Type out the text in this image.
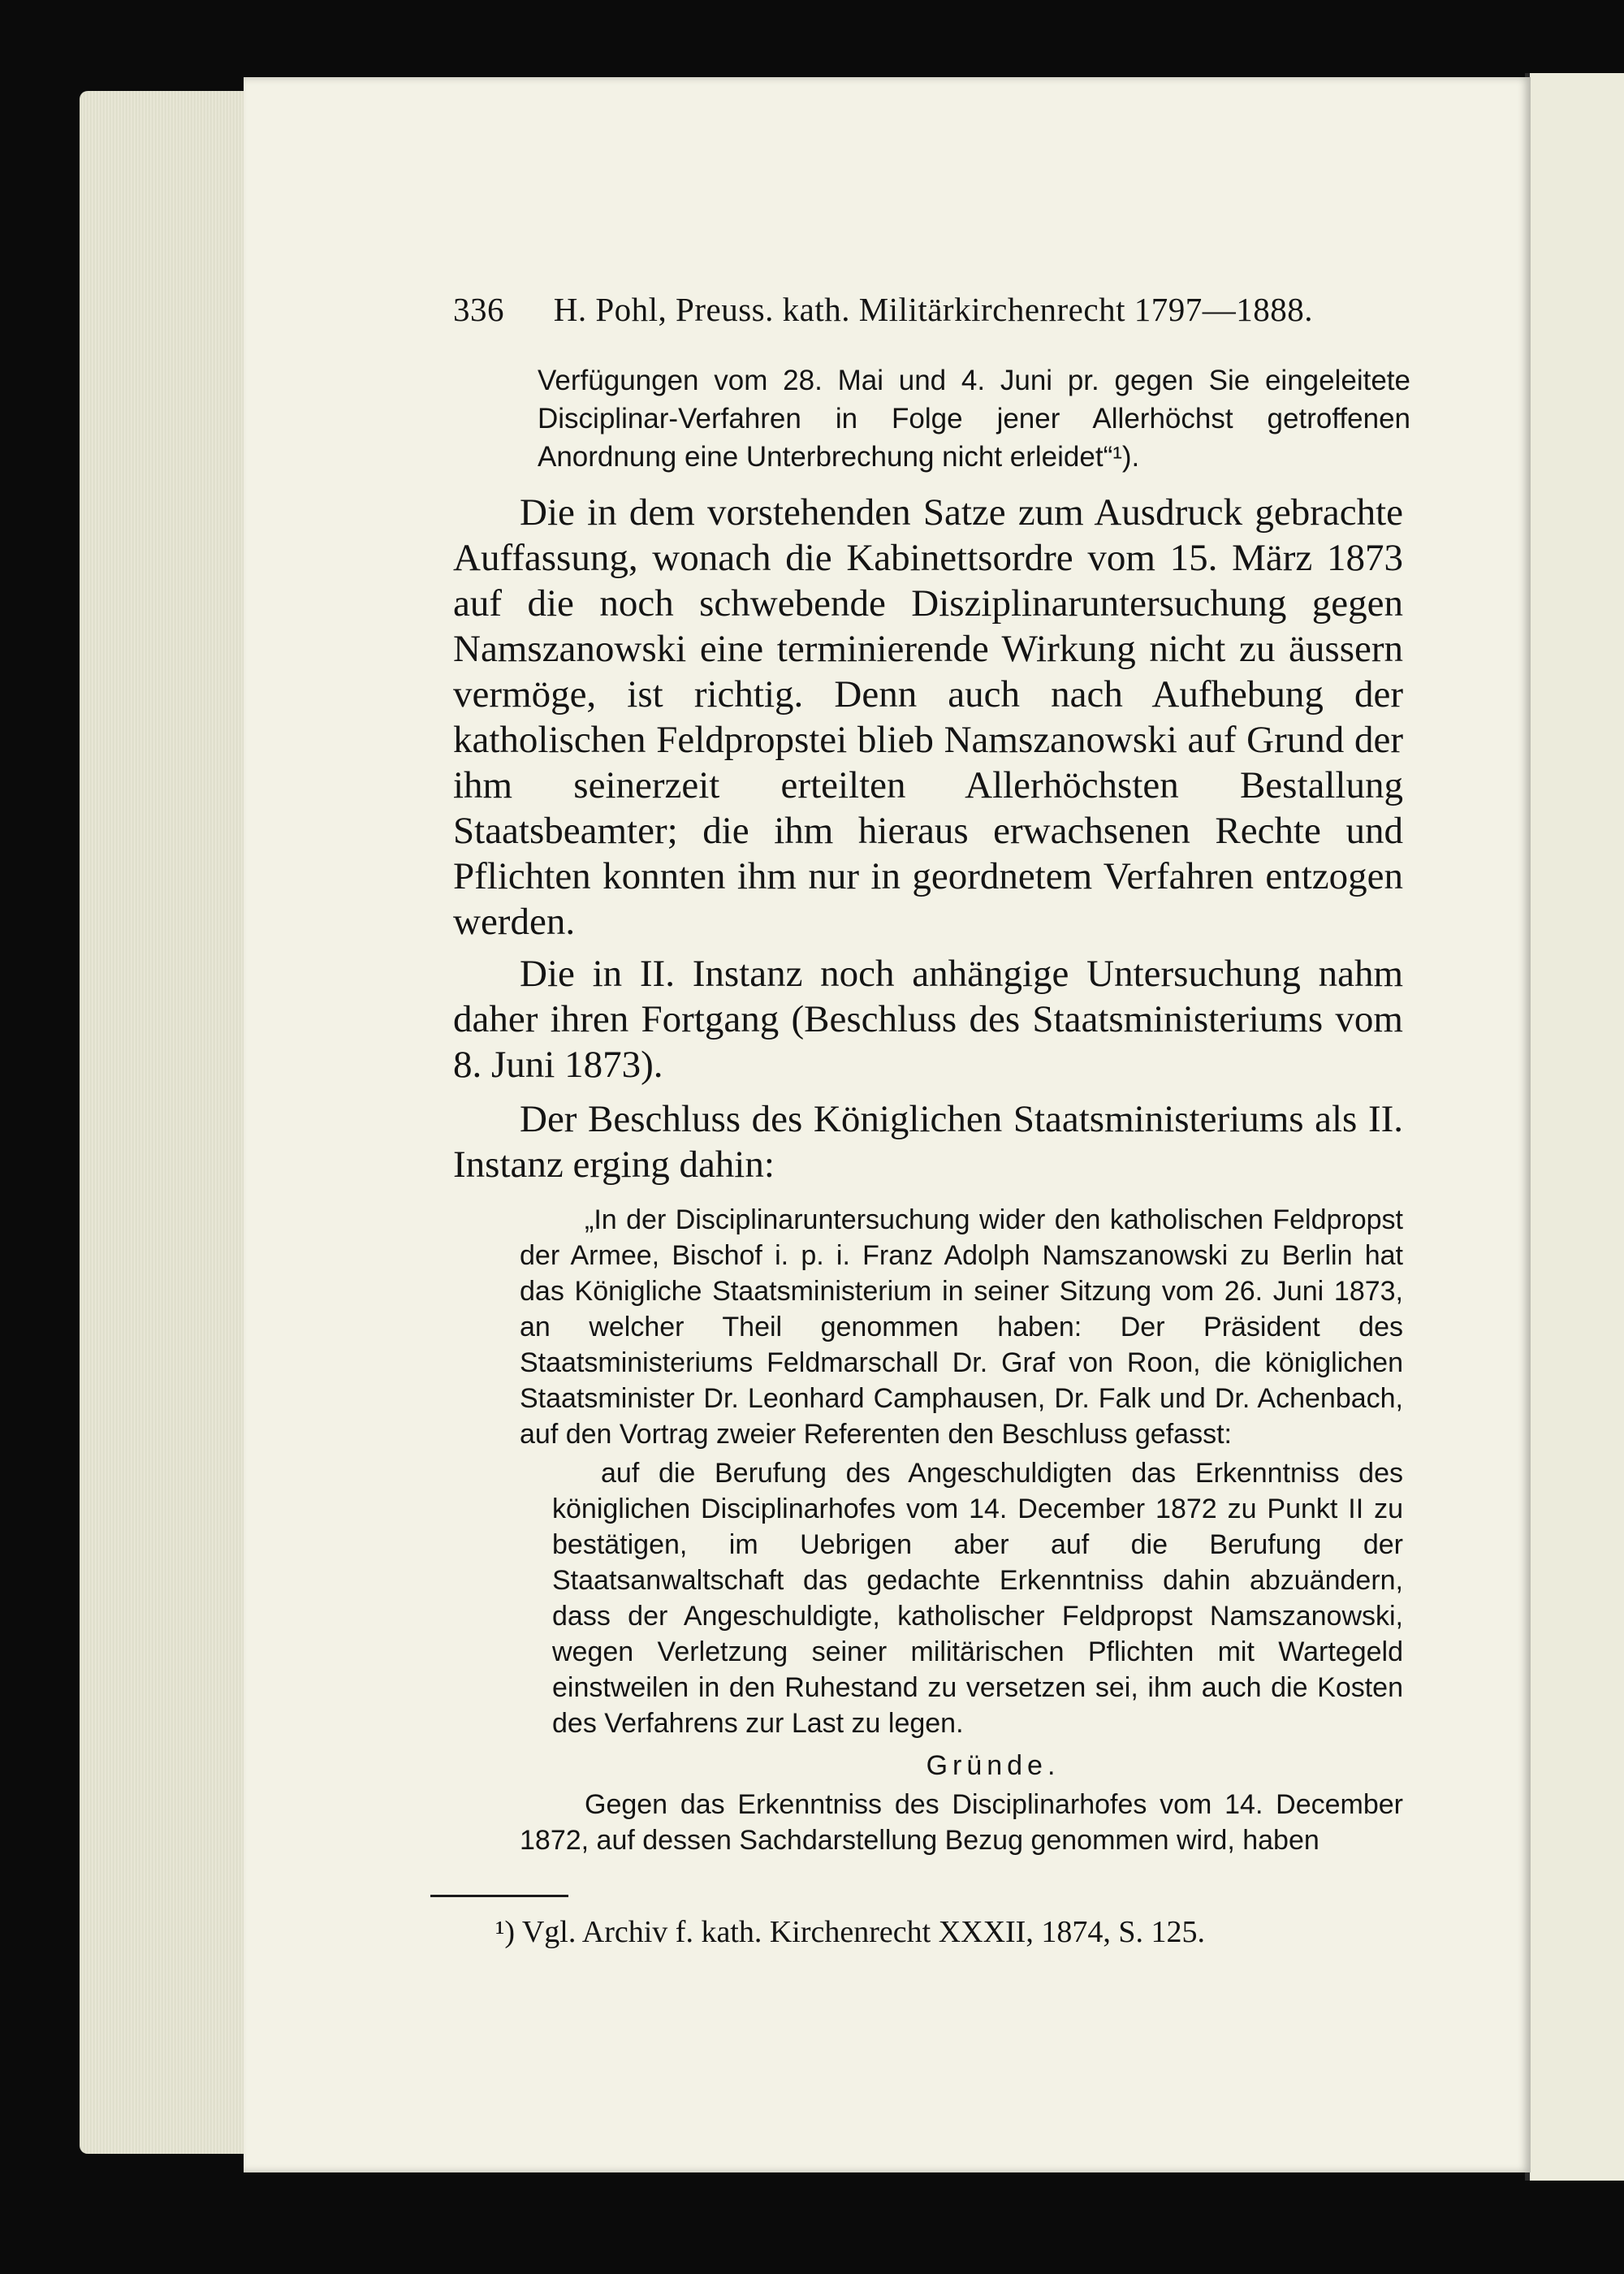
336 H. Pohl, Preuss. kath. Militärkirchenrecht 1797—1888.
Verfügungen vom 28. Mai und 4. Juni pr. gegen Sie eingeleitete Disciplinar-Verfahren in Folge jener Allerhöchst getroffenen Anordnung eine Unterbrechung nicht erleidet“¹).
Die in dem vorstehenden Satze zum Ausdruck gebrachte Auffassung, wonach die Kabinettsordre vom 15. März 1873 auf die noch schwebende Disziplinaruntersuchung gegen Namszanowski eine terminierende Wirkung nicht zu äussern vermöge, ist richtig. Denn auch nach Aufhebung der katholischen Feldpropstei blieb Namszanowski auf Grund der ihm seinerzeit erteilten Allerhöchsten Bestallung Staatsbeamter; die ihm hieraus erwachsenen Rechte und Pflichten konnten ihm nur in geordnetem Verfahren entzogen werden.
Die in II. Instanz noch anhängige Untersuchung nahm daher ihren Fortgang (Beschluss des Staatsministeriums vom 8. Juni 1873).
Der Beschluss des Königlichen Staatsministeriums als II. Instanz erging dahin:
„In der Disciplinaruntersuchung wider den katholischen Feldpropst der Armee, Bischof i. p. i. Franz Adolph Namszanowski zu Berlin hat das Königliche Staatsministerium in seiner Sitzung vom 26. Juni 1873, an welcher Theil genommen haben: Der Präsident des Staatsministeriums Feldmarschall Dr. Graf von Roon, die königlichen Staatsminister Dr. Leonhard Camphausen, Dr. Falk und Dr. Achenbach, auf den Vortrag zweier Referenten den Beschluss gefasst:
auf die Berufung des Angeschuldigten das Erkenntniss des königlichen Disciplinarhofes vom 14. December 1872 zu Punkt II zu bestätigen, im Uebrigen aber auf die Berufung der Staatsanwaltschaft das gedachte Erkenntniss dahin abzuändern, dass der Angeschuldigte, katholischer Feldpropst Namszanowski, wegen Verletzung seiner militärischen Pflichten mit Wartegeld einstweilen in den Ruhestand zu versetzen sei, ihm auch die Kosten des Verfahrens zur Last zu legen.
Gründe.
Gegen das Erkenntniss des Disciplinarhofes vom 14. December 1872, auf dessen Sachdarstellung Bezug genommen wird, haben
¹) Vgl. Archiv f. kath. Kirchenrecht XXXII, 1874, S. 125.
